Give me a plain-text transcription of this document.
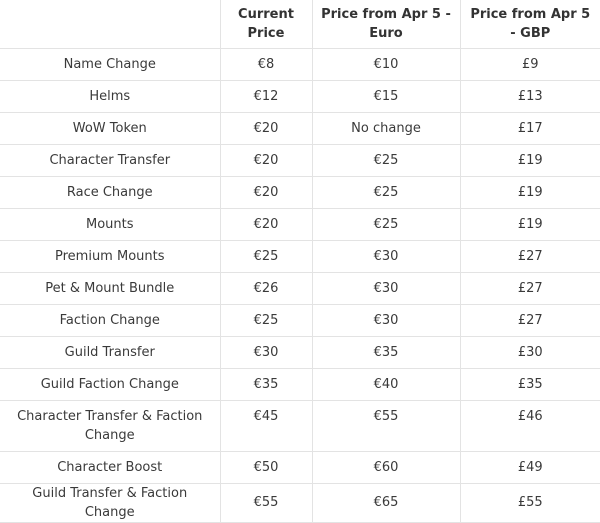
	Current Price	Price from Apr 5 - Euro	Price from Apr 5 - GBP
Name Change	€8	€10	£9
Helms	€12	€15	£13
WoW Token	€20	No change	£17
Character Transfer	€20	€25	£19
Race Change	€20	€25	£19
Mounts	€20	€25	£19
Premium Mounts	€25	€30	£27
Pet & Mount Bundle	€26	€30	£27
Faction Change	€25	€30	£27
Guild Transfer	€30	€35	£30
Guild Faction Change	€35	€40	£35
Character Transfer & Faction Change	€45	€55	£46
Character Boost	€50	€60	£49
Guild Transfer & Faction Change	€55	€65	£55
